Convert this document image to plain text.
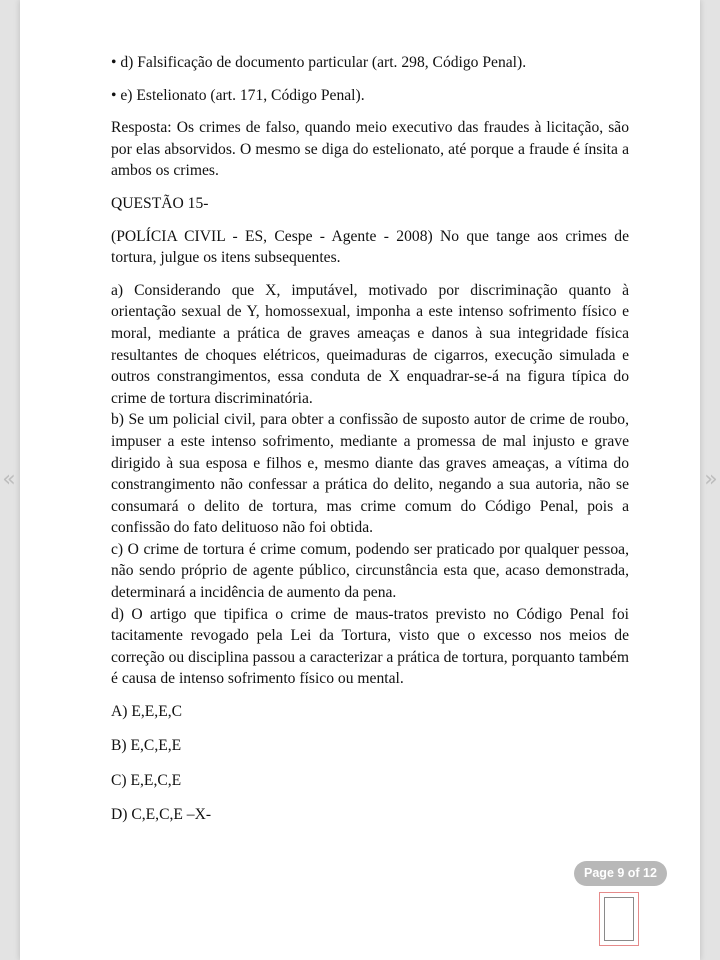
«

• d) Falsificação de documento particular (art. 298, Código Penal).

• e) Estelionato (art. 171, Código Penal).

Resposta: Os crimes de falso, quando meio executivo das fraudes à licitação, são por elas absorvidos. O mesmo se diga do estelionato, até porque a fraude é ínsita a ambos os crimes.

QUESTÃO 15-

(POLÍCIA CIVIL - ES, Cespe - Agente - 2008) No que tange aos crimes de tortura, julgue os itens subsequentes.

a) Considerando que X, imputável, motivado por discriminação quanto à orientação sexual de Y, homossexual, imponha a este intenso sofrimento físico e moral, mediante a prática de graves ameaças e danos à sua integridade física resultantes de choques elétricos, queimaduras de cigarros, execução simulada e outros constrangimentos, essa conduta de X enquadrar-se-á na figura típica do crime de tortura discriminatória.

b) Se um policial civil, para obter a confissão de suposto autor de crime de roubo, impuser a este intenso sofrimento, mediante a promessa de mal injusto e grave dirigido à sua esposa e filhos e, mesmo diante das graves ameaças, a vítima do constrangimento não confessar a prática do delito, negando a sua autoria, não se consumará o delito de tortura, mas crime comum do Código Penal, pois a confissão do fato delituoso não foi obtida.

c) O crime de tortura é crime comum, podendo ser praticado por qualquer pessoa, não sendo próprio de agente público, circunstância esta que, acaso demonstrada, determinará a incidência de aumento da pena.

d) O artigo que tipifica o crime de maus-tratos previsto no Código Penal foi tacitamente revogado pela Lei da Tortura, visto que o excesso nos meios de correção ou disciplina passou a caracterizar a prática de tortura, porquanto também é causa de intenso sofrimento físico ou mental.

A) E,E,E,C

B) E,C,E,E

C) E,E,C,E

D) C,E,C,E –X-

»
Page 9 of 12
